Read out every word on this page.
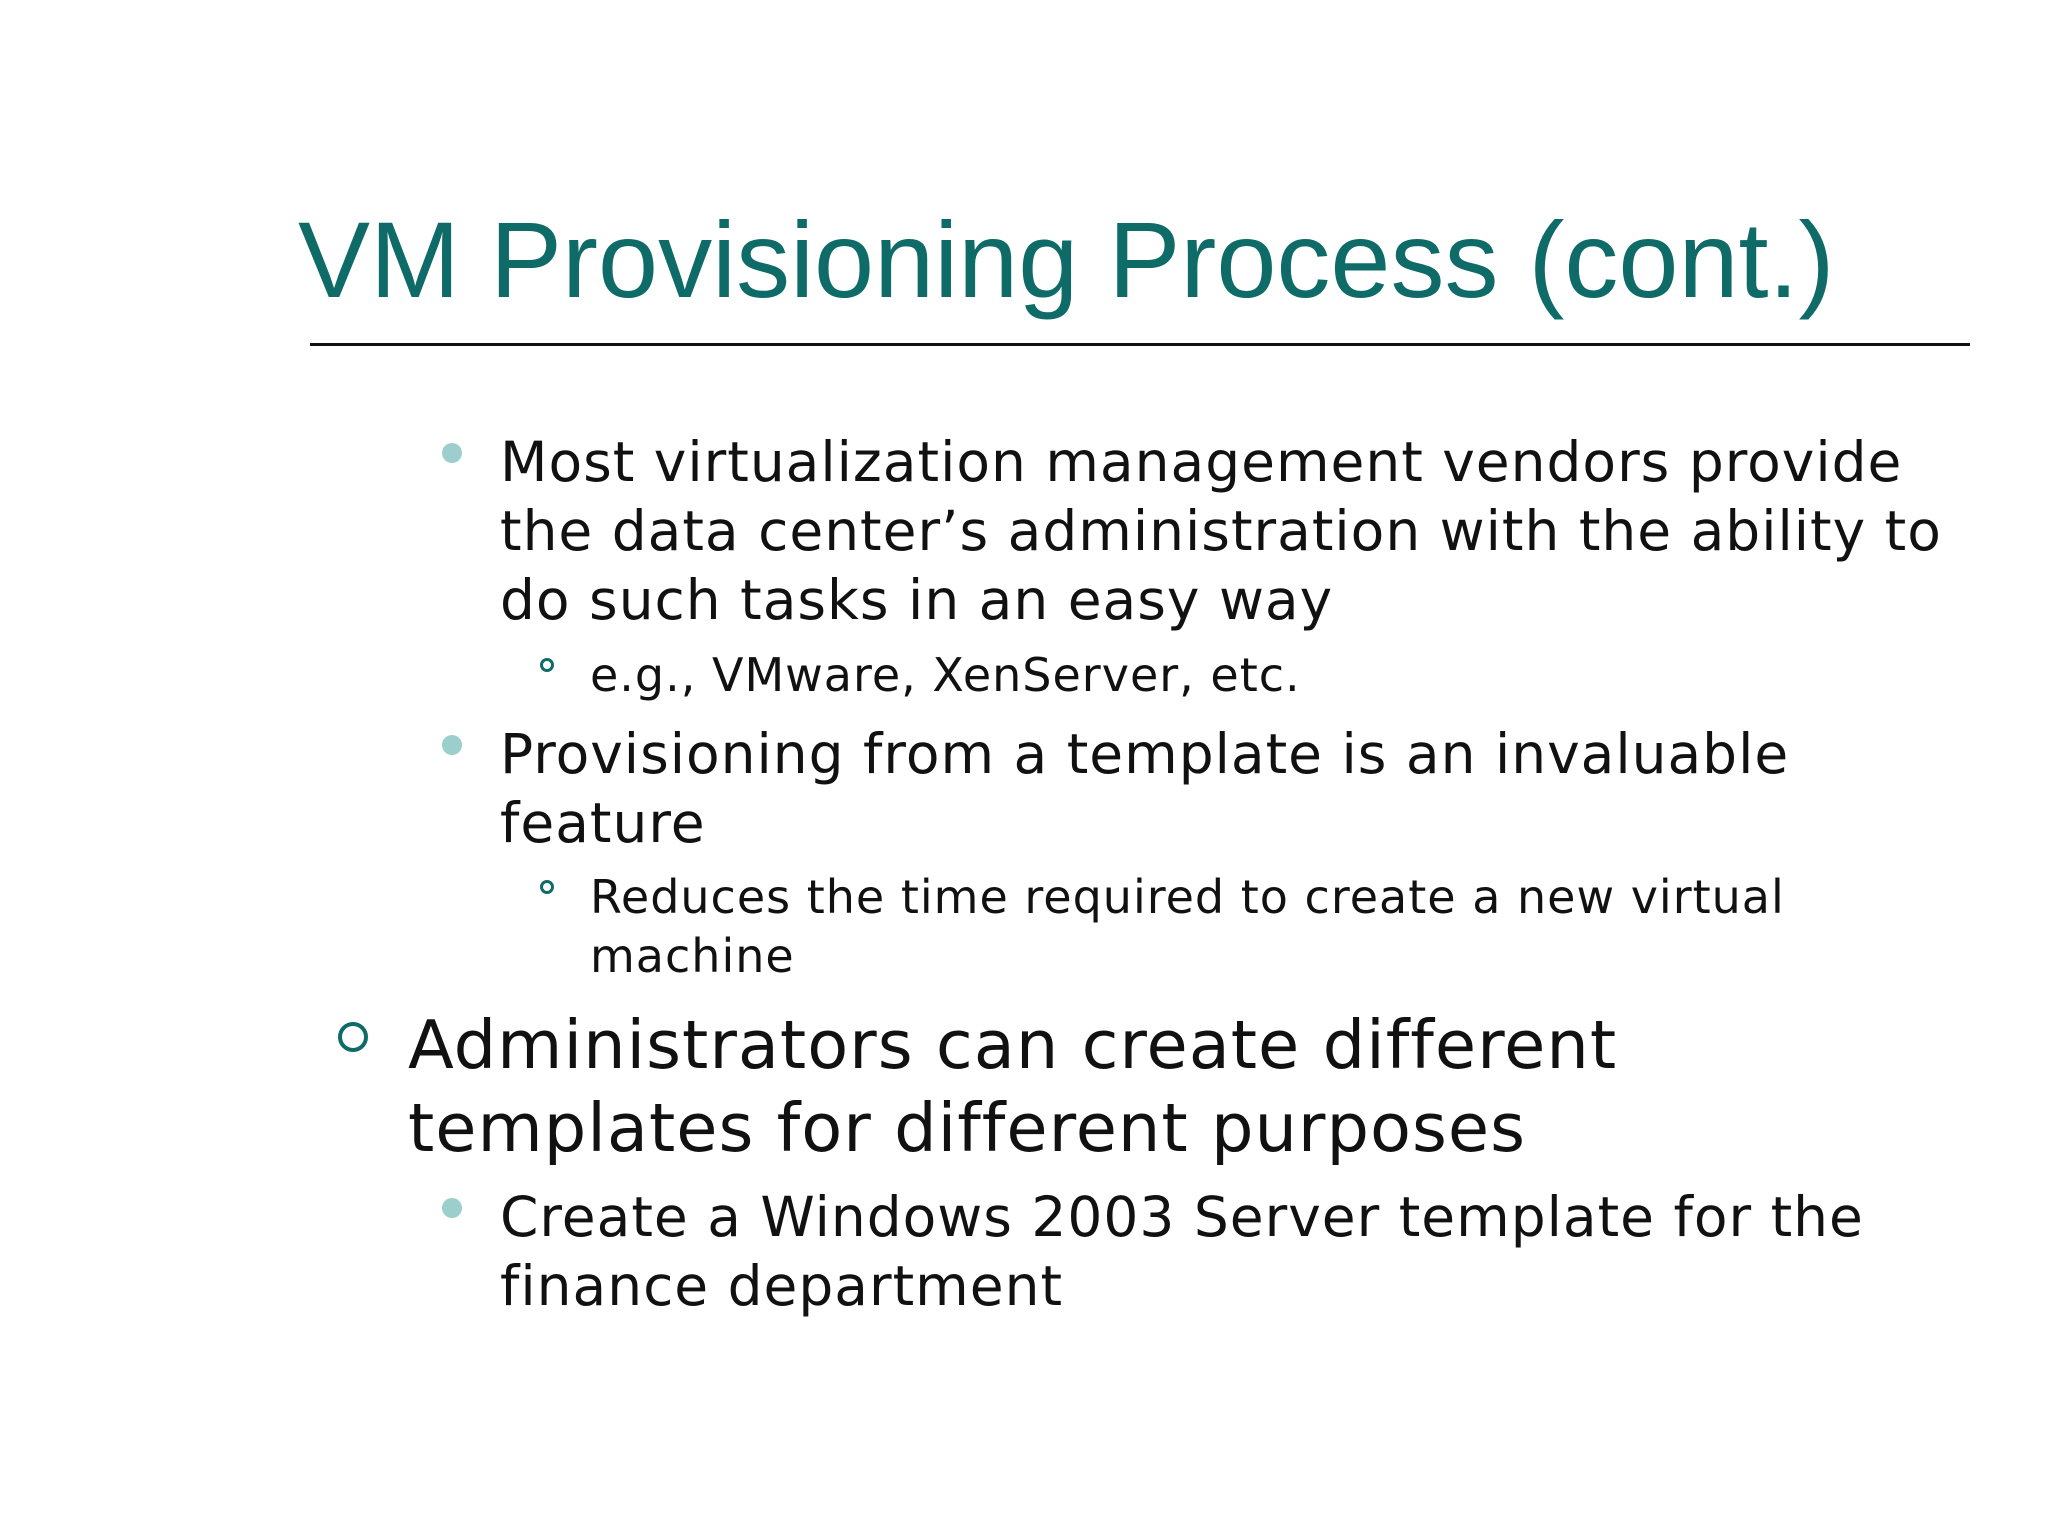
VM Provisioning Process (cont.)
Most virtualization management vendors provide the data center’s administration with the ability to do such tasks in an easy way
e.g., VMware, XenServer, etc.
Provisioning from a template is an invaluable feature
Reduces the time required to create a new virtual machine
Administrators can create different templates for different purposes
Create a Windows 2003 Server template for the finance department
